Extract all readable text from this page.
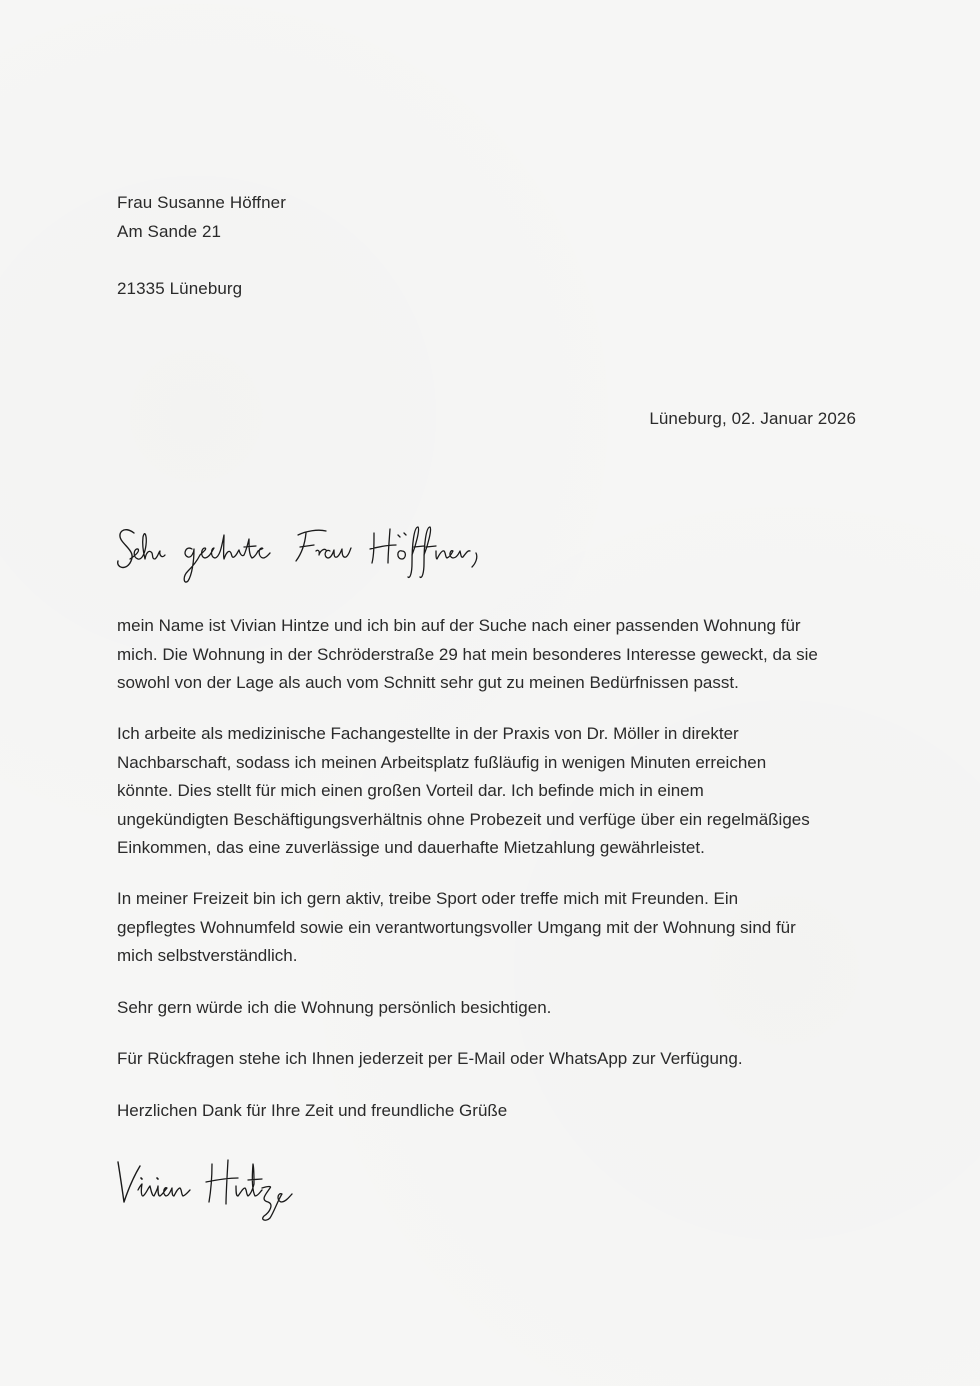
Frau Susanne Höffner
Am Sande 21
21335 Lüneburg
Lüneburg, 02. Januar 2026
mein Name ist Vivian Hintze und ich bin auf der Suche nach einer passenden Wohnung für
mich. Die Wohnung in der Schröderstraße 29 hat mein besonderes Interesse geweckt, da sie
sowohl von der Lage als auch vom Schnitt sehr gut zu meinen Bedürfnissen passt.
Ich arbeite als medizinische Fachangestellte in der Praxis von Dr. Möller in direkter
Nachbarschaft, sodass ich meinen Arbeitsplatz fußläufig in wenigen Minuten erreichen
könnte. Dies stellt für mich einen großen Vorteil dar. Ich befinde mich in einem
ungekündigten Beschäftigungsverhältnis ohne Probezeit und verfüge über ein regelmäßiges
Einkommen, das eine zuverlässige und dauerhafte Mietzahlung gewährleistet.
In meiner Freizeit bin ich gern aktiv, treibe Sport oder treffe mich mit Freunden. Ein
gepflegtes Wohnumfeld sowie ein verantwortungsvoller Umgang mit der Wohnung sind für
mich selbstverständlich.
Sehr gern würde ich die Wohnung persönlich besichtigen.
Für Rückfragen stehe ich Ihnen jederzeit per E-Mail oder WhatsApp zur Verfügung.
Herzlichen Dank für Ihre Zeit und freundliche Grüße
